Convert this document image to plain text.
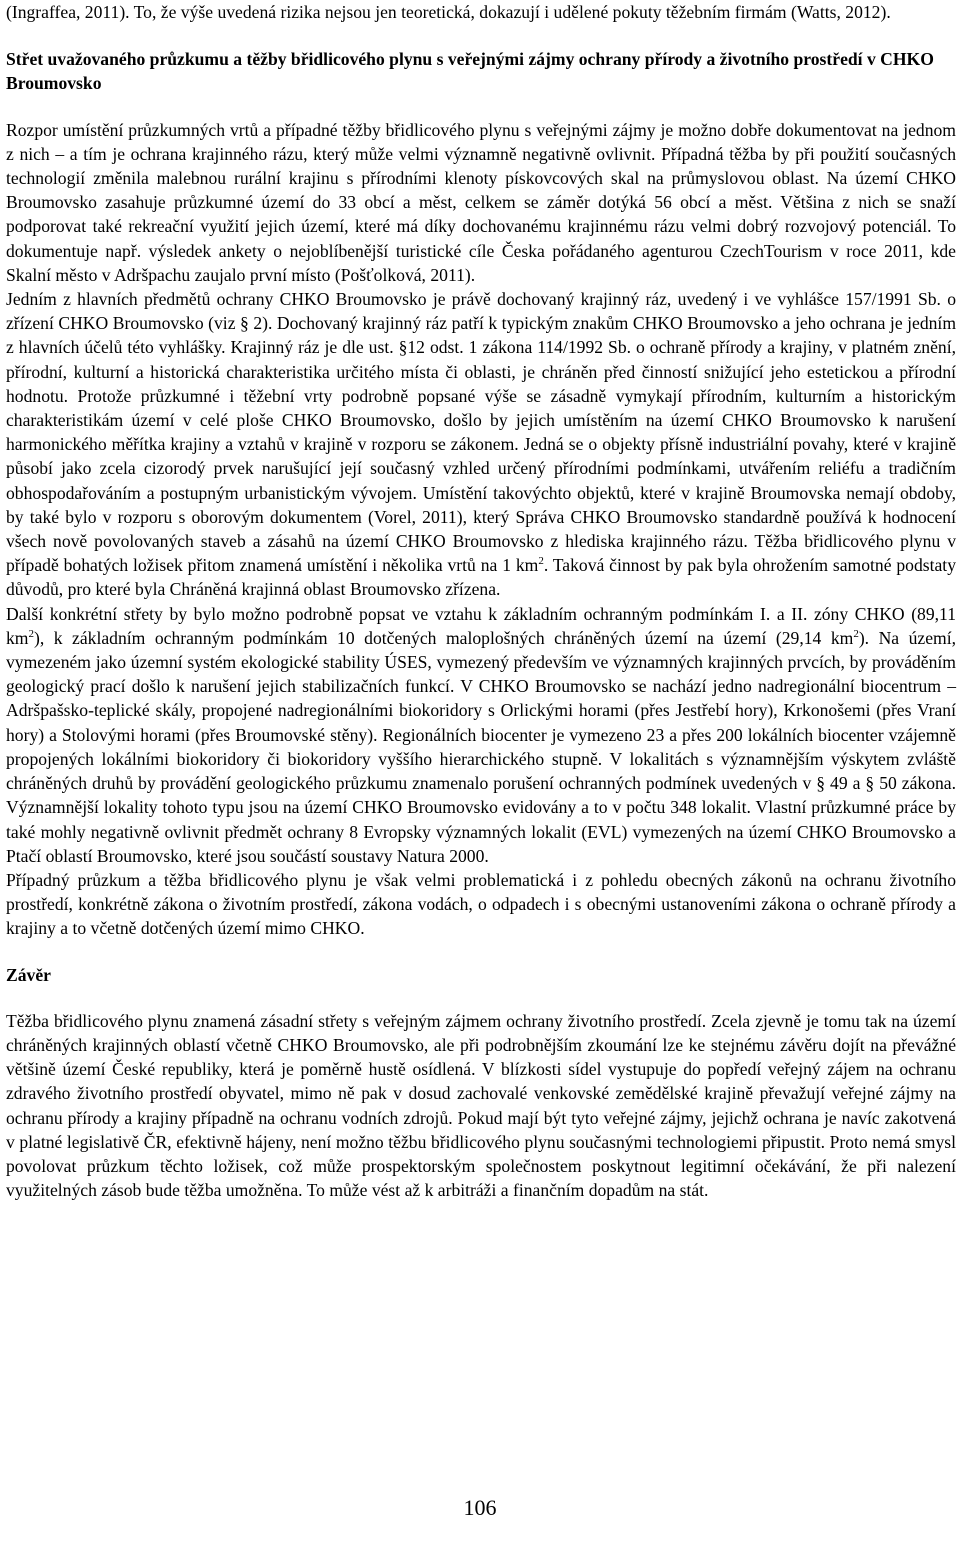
(Ingraffea, 2011). To, že výše uvedená rizika nejsou jen teoretická, dokazují i udělené pokuty těžebním firmám (Watts, 2012).

Střet uvažovaného průzkumu a těžby břidlicového plynu s veřejnými zájmy ochrany přírody a životního prostředí v CHKO Broumovsko

Rozpor umístění průzkumných vrtů a případné těžby břidlicového plynu s veřejnými zájmy je možno dobře dokumentovat na jednom z nich – a tím je ochrana krajinného rázu, který může velmi významně negativně ovlivnit. Případná těžba by při použití současných technologií změnila malebnou rurální krajinu s přírodními klenoty pískovcových skal na průmyslovou oblast. Na území CHKO Broumovsko zasahuje průzkumné území do 33 obcí a měst, celkem se záměr dotýká 56 obcí a měst. Většina z nich se snaží podporovat také rekreační využití jejich území, které má díky dochovanému krajinnému rázu velmi dobrý rozvojový potenciál. To dokumentuje např. výsledek ankety o nejoblíbenější turistické cíle Česka pořádaného agenturou CzechTourism v roce 2011, kde Skalní město v Adršpachu zaujalo první místo (Pošťolková, 2011).

Jedním z hlavních předmětů ochrany CHKO Broumovsko je právě dochovaný krajinný ráz, uvedený i ve vyhlášce 157/1991 Sb. o zřízení CHKO Broumovsko (viz § 2). Dochovaný krajinný ráz patří k typickým znakům CHKO Broumovsko a jeho ochrana je jedním z hlavních účelů této vyhlášky. Krajinný ráz je dle ust. §12 odst. 1 zákona 114/1992 Sb. o ochraně přírody a krajiny, v platném znění, přírodní, kulturní a historická charakteristika určitého místa či oblasti, je chráněn před činností snižující jeho estetickou a přírodní hodnotu. Protože průzkumné i těžební vrty podrobně popsané výše se zásadně vymykají přírodním, kulturním a historickým charakteristikám území v celé ploše CHKO Broumovsko, došlo by jejich umístěním na území CHKO Broumovsko k narušení harmonického měřítka krajiny a vztahů v krajině v rozporu se zákonem. Jedná se o objekty přísně industriální povahy, které v krajině působí jako zcela cizorodý prvek narušující její současný vzhled určený přírodními podmínkami, utvářením reliéfu a tradičním obhospodařováním a postupným urbanistickým vývojem. Umístění takovýchto objektů, které v krajině Broumovska nemají obdoby, by také bylo v rozporu s oborovým dokumentem (Vorel, 2011), který Správa CHKO Broumovsko standardně používá k hodnocení všech nově povolovaných staveb a zásahů na území CHKO Broumovsko z hlediska krajinného rázu. Těžba břidlicového plynu v případě bohatých ložisek přitom znamená umístění i několika vrtů na 1 $km^2$. Taková činnost by pak byla ohrožením samotné podstaty důvodů, pro které byla Chráněná krajinná oblast Broumovsko zřízena.

Další konkrétní střety by bylo možno podrobně popsat ve vztahu k základním ochranným podmínkám I. a II. zóny CHKO (89,11 $km^2$), k základním ochranným podmínkám 10 dotčených maloplošných chráněných území na území (29,14 $km^2$). Na území, vymezeném jako územní systém ekologické stability ÚSES, vymezený především ve významných krajinných prvcích, by prováděním geologický prací došlo k narušení jejich stabilizačních funkcí. V CHKO Broumovsko se nachází jedno nadregionální biocentrum – Adršpašsko-teplické skály, propojené nadregionálními biokoridory s Orlickými horami (přes Jestřebí hory), Krkonošemi (přes Vraní hory) a Stolovými horami (přes Broumovské stěny). Regionálních biocenter je vymezeno 23 a přes 200 lokálních biocenter vzájemně propojených lokálními biokoridory či biokoridory vyššího hierarchického stupně. V lokalitách s významnějším výskytem zvláště chráněných druhů by provádění geologického průzkumu znamenalo porušení ochranných podmínek uvedených v § 49 a § 50 zákona. Významnější lokality tohoto typu jsou na území CHKO Broumovsko evidovány a to v počtu 348 lokalit. Vlastní průzkumné práce by také mohly negativně ovlivnit předmět ochrany 8 Evropsky významných lokalit (EVL) vymezených na území CHKO Broumovsko a Ptačí oblastí Broumovsko, které jsou součástí soustavy Natura 2000.

Případný průzkum a těžba břidlicového plynu je však velmi problematická i z pohledu obecných zákonů na ochranu životního prostředí, konkrétně zákona o životním prostředí, zákona vodách, o odpadech i s obecnými ustanoveními zákona o ochraně přírody a krajiny a to včetně dotčených území mimo CHKO.

Závěr

Těžba břidlicového plynu znamená zásadní střety s veřejným zájmem ochrany životního prostředí. Zcela zjevně je tomu tak na území chráněných krajinných oblastí včetně CHKO Broumovsko, ale při podrobnějším zkoumání lze ke stejnému závěru dojít na převážné většině území České republiky, která je poměrně hustě osídlená. V blízkosti sídel vystupuje do popředí veřejný zájem na ochranu zdravého životního prostředí obyvatel, mimo ně pak v dosud zachovalé venkovské zemědělské krajině převažují veřejné zájmy na ochranu přírody a krajiny případně na ochranu vodních zdrojů. Pokud mají být tyto veřejné zájmy, jejichž ochrana je navíc zakotvená v platné legislativě ČR, efektivně hájeny, není možno těžbu břidlicového plynu současnými technologiemi připustit. Proto nemá smysl povolovat průzkum těchto ložisek, což může prospektorským společnostem poskytnout legitimní očekávání, že při nalezení využitelných zásob bude těžba umožněna. To může vést až k arbitráži a finančním dopadům na stát.

106
